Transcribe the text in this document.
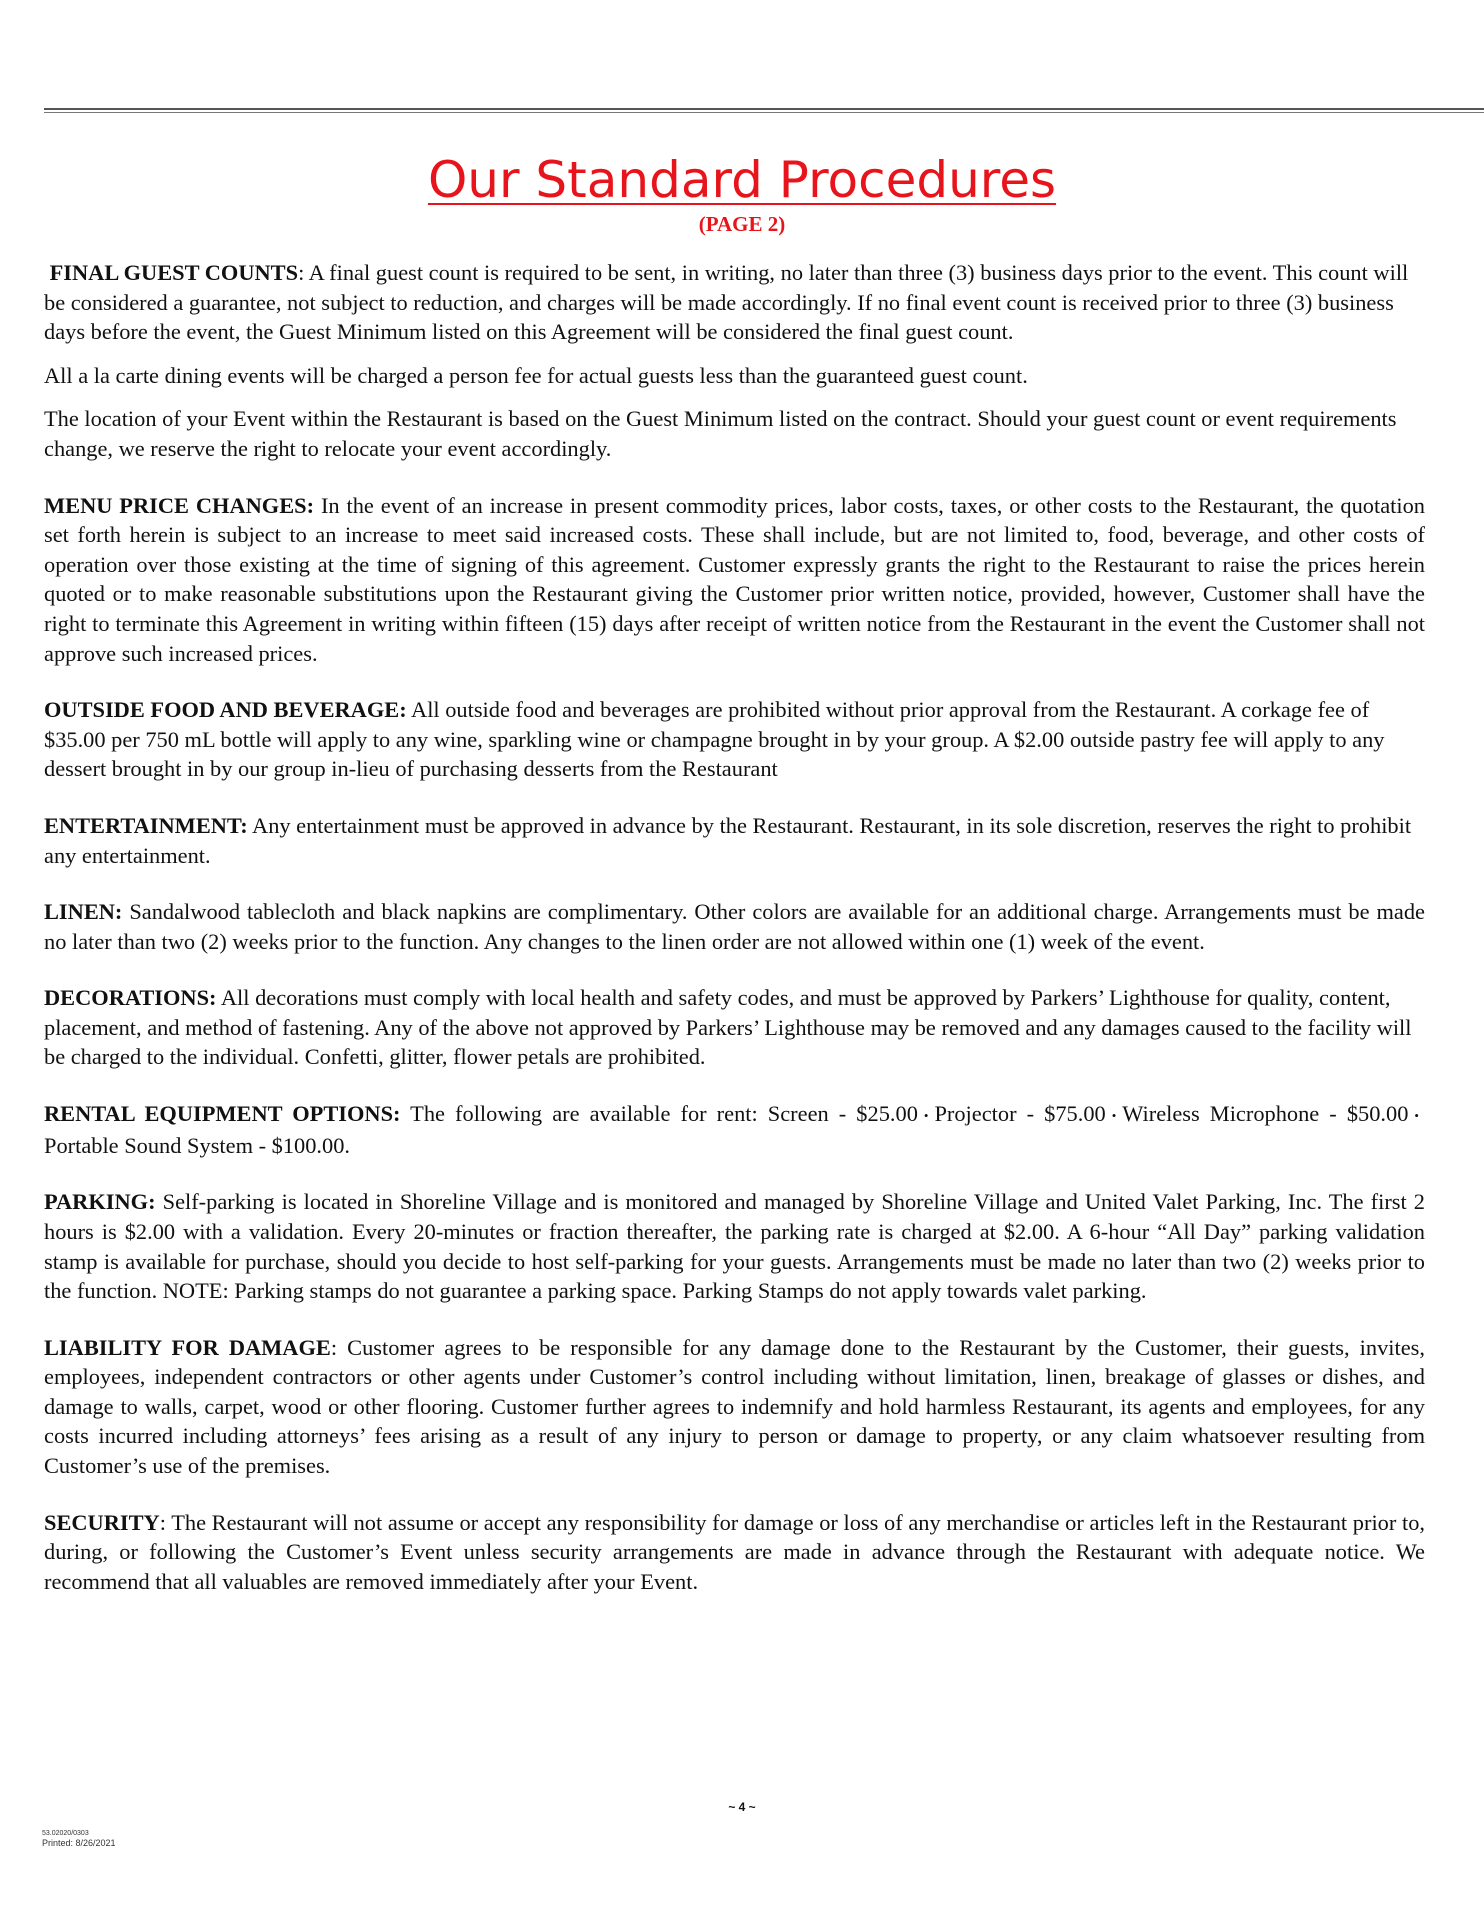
Our Standard Procedures
(PAGE 2)

FINAL GUEST COUNTS: A final guest count is required to be sent, in writing, no later than three (3) business days prior to the event. This count will be considered a guarantee, not subject to reduction, and charges will be made accordingly. If no final event count is received prior to three (3) business days before the event, the Guest Minimum listed on this Agreement will be considered the final guest count.

All a la carte dining events will be charged a person fee for actual guests less than the guaranteed guest count.

The location of your Event within the Restaurant is based on the Guest Minimum listed on the contract. Should your guest count or event requirements change, we reserve the right to relocate your event accordingly.

MENU PRICE CHANGES: In the event of an increase in present commodity prices, labor costs, taxes, or other costs to the Restaurant, the quotation set forth herein is subject to an increase to meet said increased costs. These shall include, but are not limited to, food, beverage, and other costs of operation over those existing at the time of signing of this agreement. Customer expressly grants the right to the Restaurant to raise the prices herein quoted or to make reasonable substitutions upon the Restaurant giving the Customer prior written notice, provided, however, Customer shall have the right to terminate this Agreement in writing within fifteen (15) days after receipt of written notice from the Restaurant in the event the Customer shall not approve such increased prices.

OUTSIDE FOOD AND BEVERAGE: All outside food and beverages are prohibited without prior approval from the Restaurant. A corkage fee of $35.00 per 750 mL bottle will apply to any wine, sparkling wine or champagne brought in by your group. A $2.00 outside pastry fee will apply to any dessert brought in by our group in-lieu of purchasing desserts from the Restaurant

ENTERTAINMENT: Any entertainment must be approved in advance by the Restaurant. Restaurant, in its sole discretion, reserves the right to prohibit any entertainment.

LINEN: Sandalwood tablecloth and black napkins are complimentary. Other colors are available for an additional charge. Arrangements must be made no later than two (2) weeks prior to the function. Any changes to the linen order are not allowed within one (1) week of the event.

DECORATIONS: All decorations must comply with local health and safety codes, and must be approved by Parkers’ Lighthouse for quality, content, placement, and method of fastening. Any of the above not approved by Parkers’ Lighthouse may be removed and any damages caused to the facility will be charged to the individual. Confetti, glitter, flower petals are prohibited.

RENTAL EQUIPMENT OPTIONS: The following are available for rent: Screen - $25.00 • Projector - $75.00 • Wireless Microphone - $50.00 •Portable Sound System - $100.00.

PARKING: Self-parking is located in Shoreline Village and is monitored and managed by Shoreline Village and United Valet Parking, Inc. The first 2 hours is $2.00 with a validation. Every 20-minutes or fraction thereafter, the parking rate is charged at $2.00. A 6-hour “All Day” parking validation stamp is available for purchase, should you decide to host self-parking for your guests. Arrangements must be made no later than two (2) weeks prior to the function. NOTE: Parking stamps do not guarantee a parking space. Parking Stamps do not apply towards valet parking.

LIABILITY FOR DAMAGE: Customer agrees to be responsible for any damage done to the Restaurant by the Customer, their guests, invites, employees, independent contractors or other agents under Customer’s control including without limitation, linen, breakage of glasses or dishes, and damage to walls, carpet, wood or other flooring. Customer further agrees to indemnify and hold harmless Restaurant, its agents and employees, for any costs incurred including attorneys’ fees arising as a result of any injury to person or damage to property, or any claim whatsoever resulting from Customer’s use of the premises.

SECURITY: The Restaurant will not assume or accept any responsibility for damage or loss of any merchandise or articles left in the Restaurant prior to, during, or following the Customer’s Event unless security arrangements are made in advance through the Restaurant with adequate notice. We recommend that all valuables are removed immediately after your Event.

~ 4 ~
53.02020/0303
Printed: 8/26/2021
